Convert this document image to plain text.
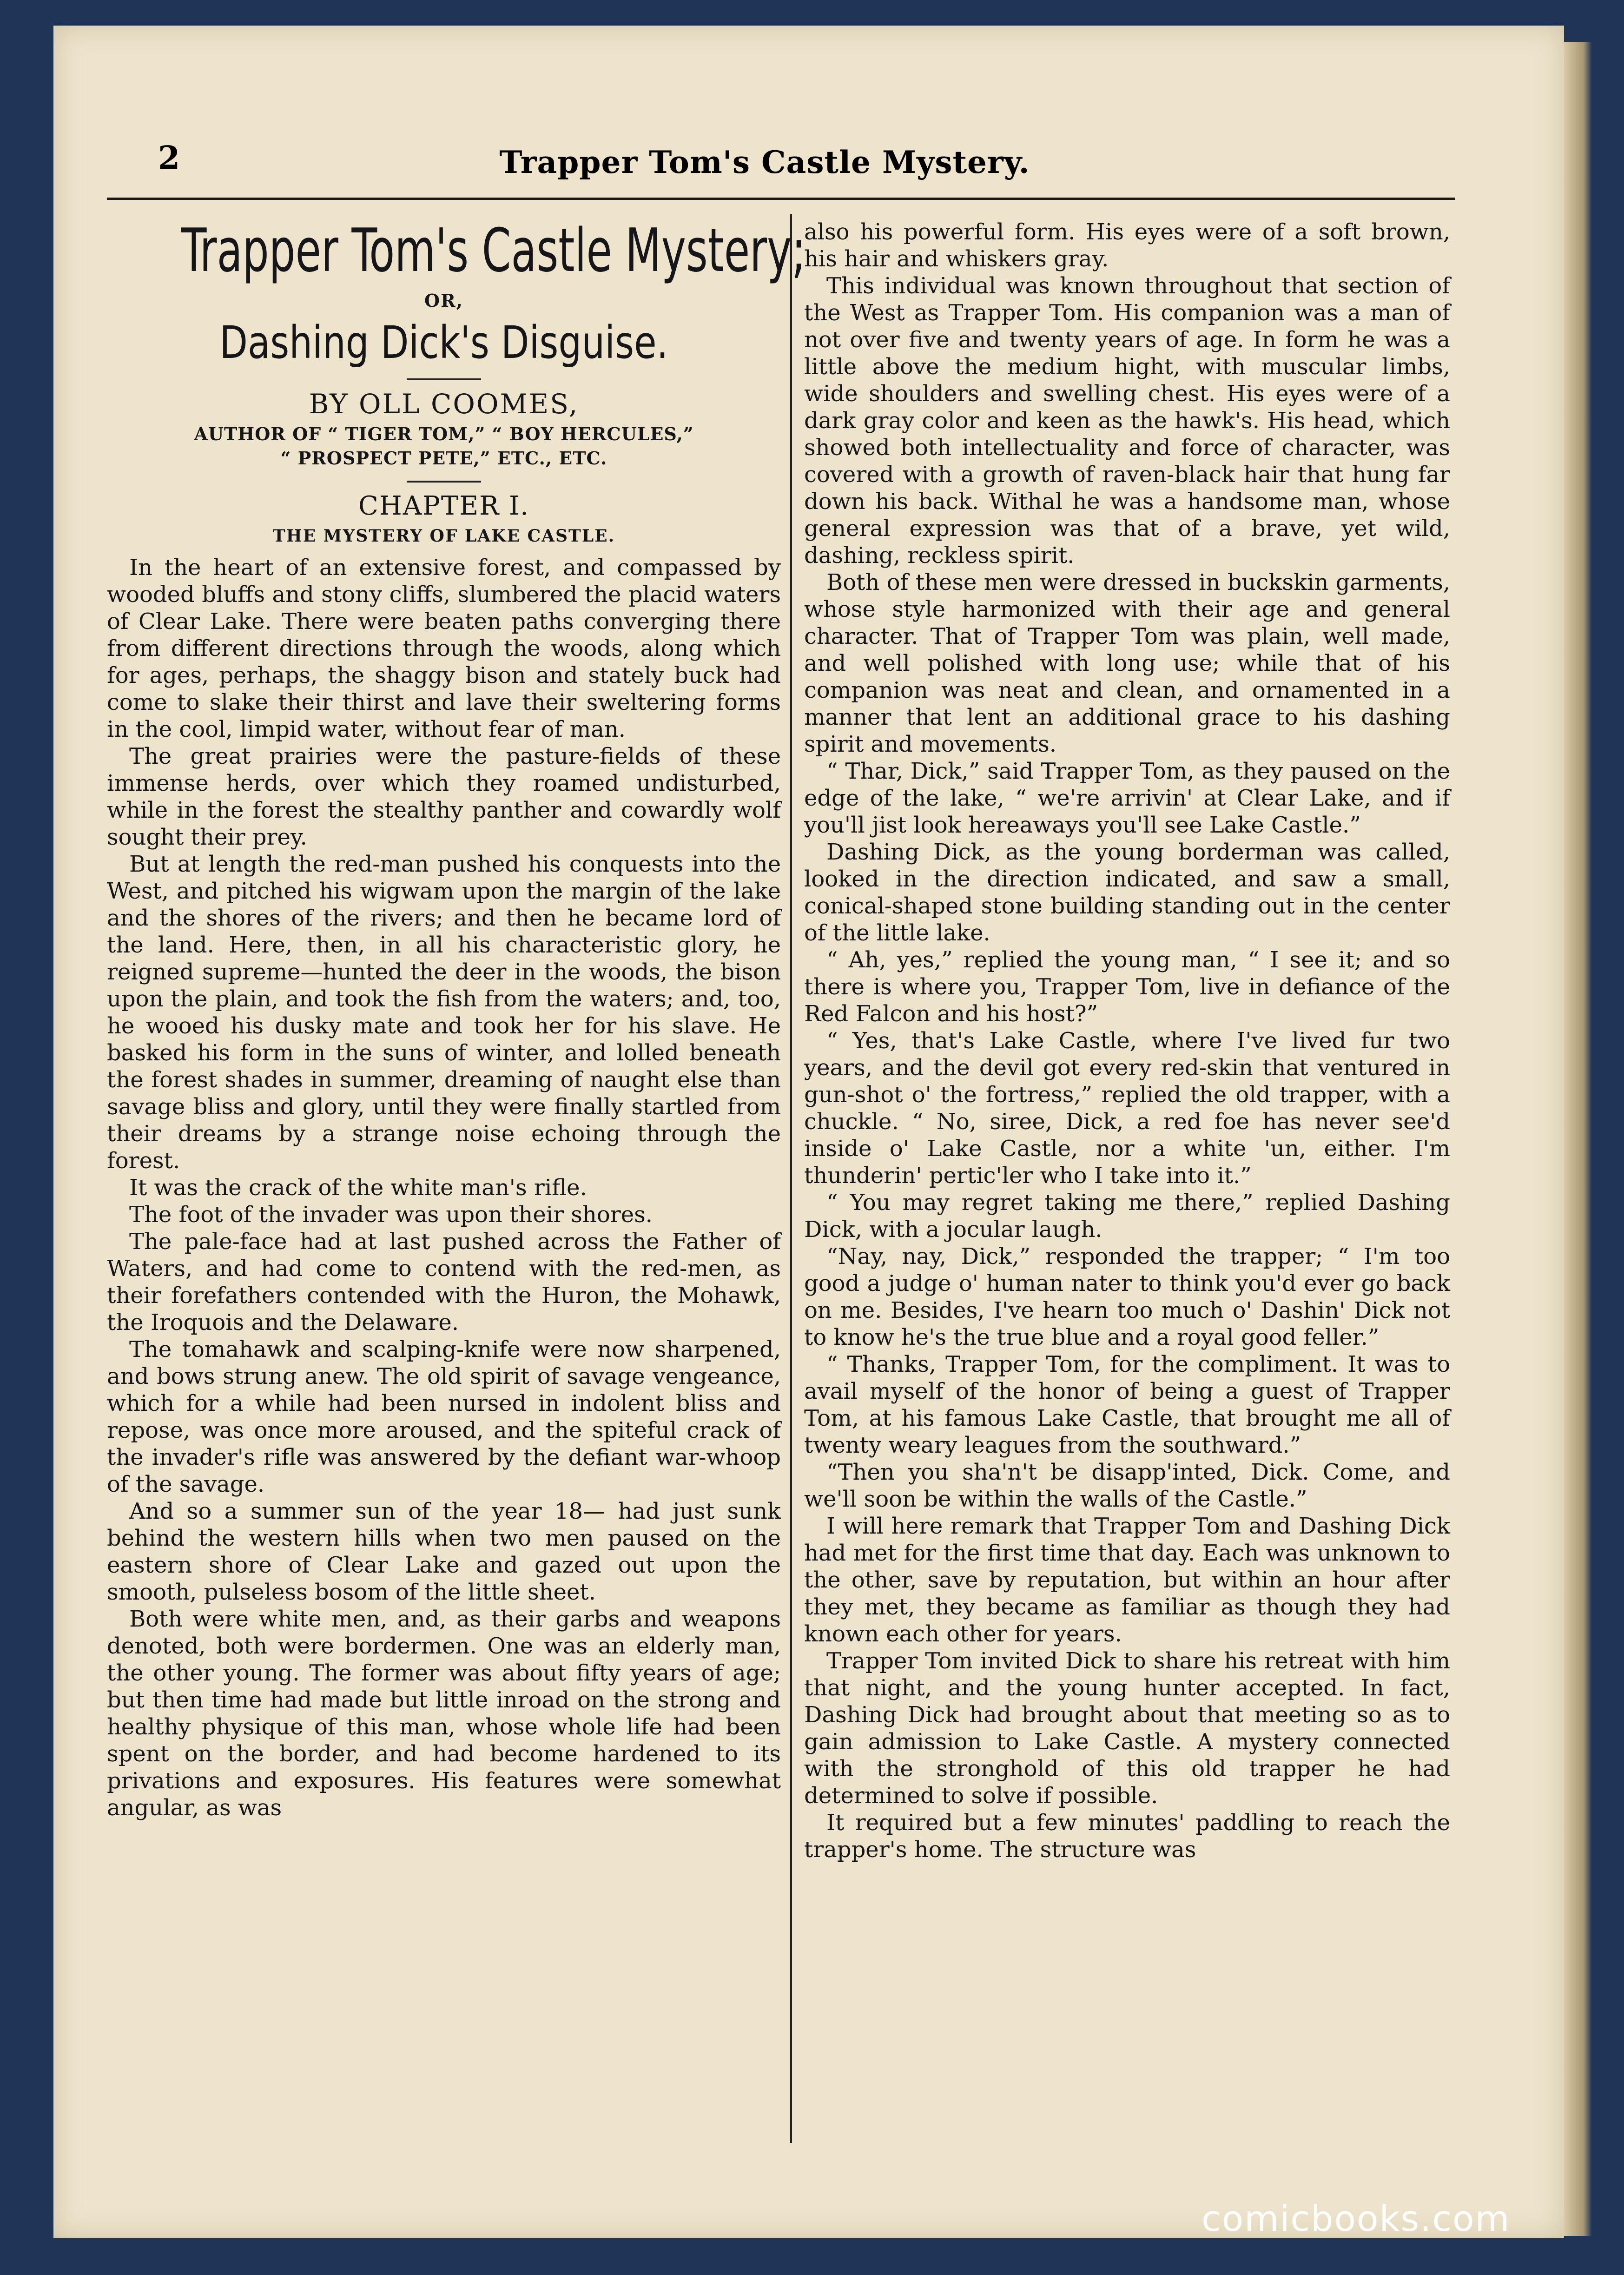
2	Trapper Tom's Castle Mystery.
Trapper Tom's Castle Mystery;
OR,
Dashing Dick's Disguise.
BY OLL COOMES,
AUTHOR OF “ TIGER TOM,” “ BOY HERCULES,”
“ PROSPECT PETE,” ETC., ETC.
CHAPTER I.
THE MYSTERY OF LAKE CASTLE.

In the heart of an extensive forest, and compassed by wooded bluffs and stony cliffs, slumbered the placid waters of Clear Lake. There were beaten paths converging there from different directions through the woods, along which for ages, perhaps, the shaggy bison and stately buck had come to slake their thirst and lave their sweltering forms in the cool, limpid water, without fear of man.

The great prairies were the pasture-fields of these immense herds, over which they roamed undisturbed, while in the forest the stealthy panther and cowardly wolf sought their prey.

But at length the red-man pushed his conquests into the West, and pitched his wigwam upon the margin of the lake and the shores of the rivers; and then he became lord of the land. Here, then, in all his characteristic glory, he reigned supreme—hunted the deer in the woods, the bison upon the plain, and took the fish from the waters; and, too, he wooed his dusky mate and took her for his slave. He basked his form in the suns of winter, and lolled beneath the forest shades in summer, dreaming of naught else than savage bliss and glory, until they were finally startled from their dreams by a strange noise echoing through the forest.

It was the crack of the white man's rifle.

The foot of the invader was upon their shores.

The pale-face had at last pushed across the Father of Waters, and had come to contend with the red-men, as their forefathers contended with the Huron, the Mohawk, the Iroquois and the Delaware.

The tomahawk and scalping-knife were now sharpened, and bows strung anew. The old spirit of savage vengeance, which for a while had been nursed in indolent bliss and repose, was once more aroused, and the spiteful crack of the invader's rifle was answered by the defiant war-whoop of the savage.

And so a summer sun of the year 18— had just sunk behind the western hills when two men paused on the eastern shore of Clear Lake and gazed out upon the smooth, pulseless bosom of the little sheet.

Both were white men, and, as their garbs and weapons denoted, both were bordermen. One was an elderly man, the other young. The former was about fifty years of age; but then time had made but little inroad on the strong and healthy physique of this man, whose whole life had been spent on the border, and had become hardened to its privations and exposures. His features were somewhat angular, as was

also his powerful form. His eyes were of a soft brown, his hair and whiskers gray.

This individual was known throughout that section of the West as Trapper Tom. His companion was a man of not over five and twenty years of age. In form he was a little above the medium hight, with muscular limbs, wide shoulders and swelling chest. His eyes were of a dark gray color and keen as the hawk's. His head, which showed both intellectuality and force of character, was covered with a growth of raven-black hair that hung far down his back. Withal he was a handsome man, whose general expression was that of a brave, yet wild, dashing, reckless spirit.

Both of these men were dressed in buckskin garments, whose style harmonized with their age and general character. That of Trapper Tom was plain, well made, and well polished with long use; while that of his companion was neat and clean, and ornamented in a manner that lent an additional grace to his dashing spirit and movements.

“ Thar, Dick,” said Trapper Tom, as they paused on the edge of the lake, “ we're arrivin' at Clear Lake, and if you'll jist look hereaways you'll see Lake Castle.”

Dashing Dick, as the young borderman was called, looked in the direction indicated, and saw a small, conical-shaped stone building standing out in the center of the little lake.

“ Ah, yes,” replied the young man, “ I see it; and so there is where you, Trapper Tom, live in defiance of the Red Falcon and his host?”

“ Yes, that's Lake Castle, where I've lived fur two years, and the devil got every red-skin that ventured in gun-shot o' the fortress,” replied the old trapper, with a chuckle. “ No, siree, Dick, a red foe has never see'd inside o' Lake Castle, nor a white 'un, either. I'm thunderin' pertic'ler who I take into it.”

“ You may regret taking me there,” replied Dashing Dick, with a jocular laugh.

“Nay, nay, Dick,” responded the trapper; “ I'm too good a judge o' human nater to think you'd ever go back on me. Besides, I've hearn too much o' Dashin' Dick not to know he's the true blue and a royal good feller.”

“ Thanks, Trapper Tom, for the compliment. It was to avail myself of the honor of being a guest of Trapper Tom, at his famous Lake Castle, that brought me all of twenty weary leagues from the southward.”

“Then you sha'n't be disapp'inted, Dick. Come, and we'll soon be within the walls of the Castle.”

I will here remark that Trapper Tom and Dashing Dick had met for the first time that day. Each was unknown to the other, save by reputation, but within an hour after they met, they became as familiar as though they had known each other for years.

Trapper Tom invited Dick to share his retreat with him that night, and the young hunter accepted. In fact, Dashing Dick had brought about that meeting so as to gain admission to Lake Castle. A mystery connected with the stronghold of this old trapper he had determined to solve if possible.

It required but a few minutes' paddling to reach the trapper's home. The structure was

comicbooks.com
